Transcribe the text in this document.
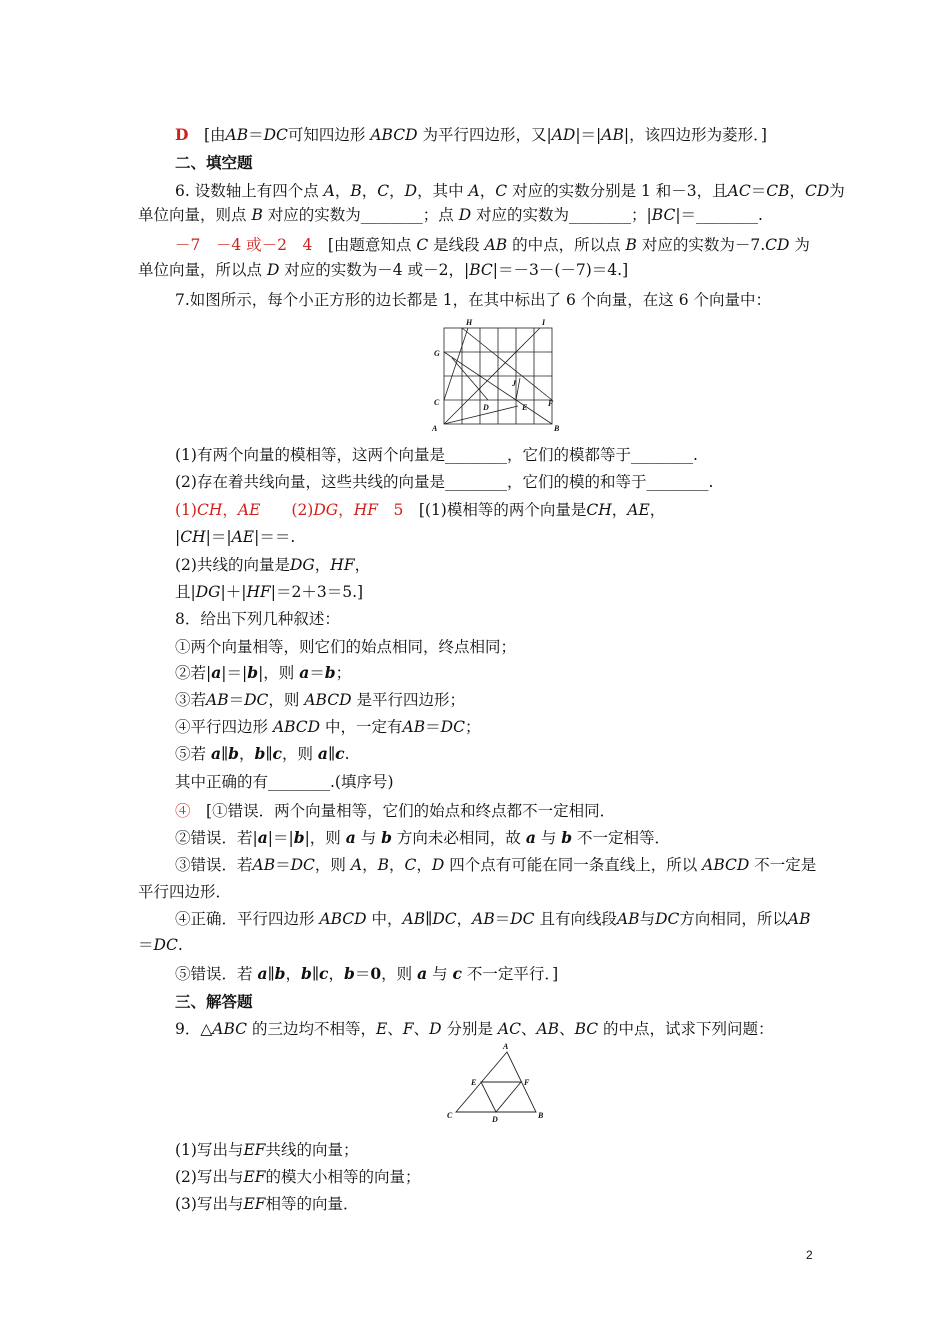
D　[由AB＝DC可知四边形 ABCD 为平行四边形，又|AD|＝|AB|，该四边形为菱形．]
二、填空题
6. 设数轴上有四个点 A，B，C，D，其中 A，C 对应的实数分别是 1 和－3，且AC＝CB，CD为
单位向量，则点 B 对应的实数为________；点 D 对应的实数为________；|BC|＝________.
－7　－4 或－2　4　[由题意知点 C 是线段 AB 的中点，所以点 B 对应的实数为－7.CD 为
单位向量，所以点 D 对应的实数为－4 或－2，|BC|＝－3－(－7)＝4.]
7.如图所示，每个小正方形的边长都是 1，在其中标出了 6 个向量，在这 6 个向量中：
(1)有两个向量的模相等，这两个向量是________，它们的模都等于________.
(2)存在着共线向量，这些共线的向量是________，它们的模的和等于________.
(1)CH，AE　　(2)DG，HF　5　[(1)模相等的两个向量是CH，AE，
|CH|＝|AE|＝＝.
(2)共线的向量是DG，HF，
且|DG|＋|HF|＝2＋3＝5.]
8．给出下列几种叙述：
①两个向量相等，则它们的始点相同，终点相同；
②若|a|＝|b|，则 a＝b；
③若AB＝DC，则 ABCD 是平行四边形；
④平行四边形 ABCD 中，一定有AB＝DC；
⑤若 a∥b，b∥c，则 a∥c.
其中正确的有________.(填序号)
④　[①错误．两个向量相等，它们的始点和终点都不一定相同．
②错误．若|a|＝|b|，则 a 与 b 方向未必相同，故 a 与 b 不一定相等．
③错误．若AB＝DC，则 A，B，C，D 四个点有可能在同一条直线上，所以 ABCD 不一定是
平行四边形．
④正确．平行四边形 ABCD 中，AB∥DC，AB＝DC 且有向线段AB与DC方向相同，所以AB
＝DC.
⑤错误．若 a∥b，b∥c，b＝0，则 a 与 c 不一定平行．]
三、解答题
9．△ABC 的三边均不相等，E、F、D 分别是 AC、AB、BC 的中点，试求下列问题：
(1)写出与EF共线的向量；
(2)写出与EF的模大小相等的向量；
(3)写出与EF相等的向量．
H	I
G
J
C
D	E	F
A	B
A
E	F
C	D	B
2
